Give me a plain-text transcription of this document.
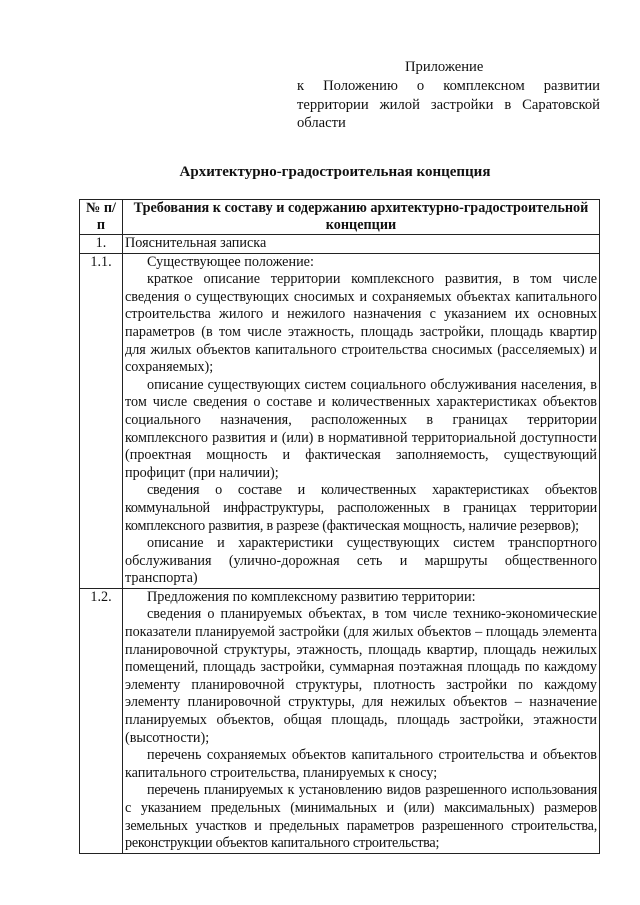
Приложение
к Положению о комплексном развитии территории жилой застройки в Саратовской области
Архитектурно-градостроительная концепция
№ п/п	Требования к составу и содержанию архитектурно-градостроительной концепции
1.	Пояснительная записка

1.1.	Существующее положение:
краткое описание территории комплексного развития, в том числе сведения о существующих сносимых и сохраняемых объектах капитального строительства жилого и нежилого назначения с указанием их основных параметров (в том числе этажность, площадь застройки, площадь квартир для жилых объектов капитального строительства сносимых (расселяемых) и сохраняемых);
описание существующих систем социального обслуживания населения, в том числе сведения о составе и количественных характеристиках объектов социального назначения, расположенных в границах территории комплексного развития и (или) в нормативной территориальной доступности (проектная мощность и фактическая заполняемость, существующий профицит (при наличии);
сведения о составе и количественных характеристиках объектов коммунальной инфраструктуры, расположенных в границах территории комплексного развития, в разрезе (фактическая мощность, наличие резервов);
описание и характеристики существующих систем транспортного обслуживания (улично-дорожная сеть и маршруты общественного транспорта)

1.2.	Предложения по комплексному развитию территории:
сведения о планируемых объектах, в том числе технико-экономические показатели планируемой застройки (для жилых объектов – площадь элемента планировочной структуры, этажность, площадь квартир, площадь нежилых помещений, площадь застройки, суммарная поэтажная площадь по каждому элементу планировочной структуры, плотность застройки по каждому элементу планировочной структуры, для нежилых объектов – назначение планируемых объектов, общая площадь, площадь застройки, этажности (высотности);
перечень сохраняемых объектов капитального строительства и объектов капитального строительства, планируемых к сносу;
перечень планируемых к установлению видов разрешенного использования с указанием предельных (минимальных и (или) максимальных) размеров земельных участков и предельных параметров разрешенного строительства, реконструкции объектов капитального строительства;
